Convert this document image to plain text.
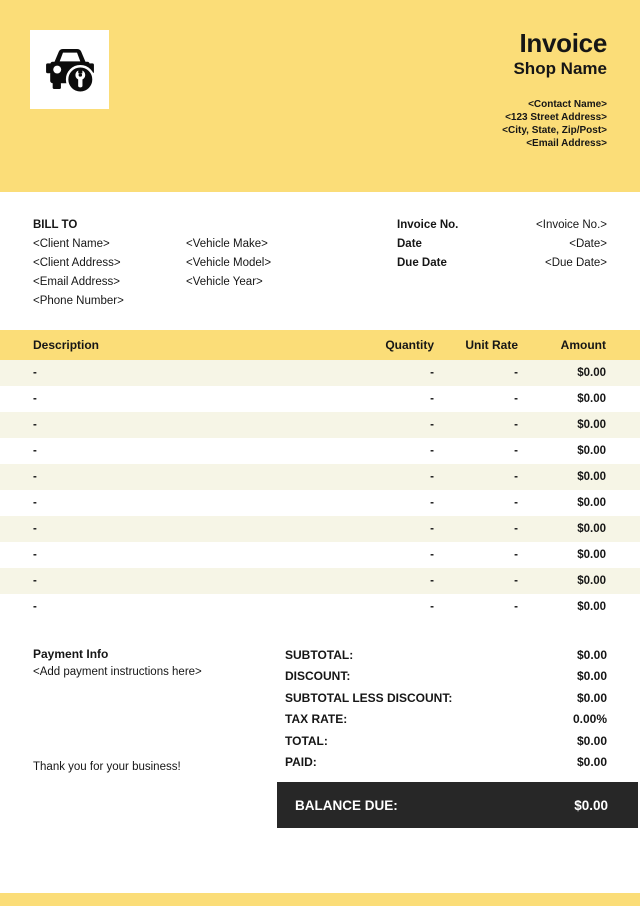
Invoice
Shop Name
<Contact Name>
<123 Street Address>
<City, State, Zip/Post>
<Email Address>
BILL TO
<Client Name>
<Client Address>
<Email Address>
<Phone Number>
<Vehicle Make>
<Vehicle Model>
<Vehicle Year>
Invoice No.	<Invoice No.>
Date	<Date>
Due Date	<Due Date>
Description	Quantity	Unit Rate	Amount
-	-	-	$0.00
-	-	-	$0.00
-	-	-	$0.00
-	-	-	$0.00
-	-	-	$0.00
-	-	-	$0.00
-	-	-	$0.00
-	-	-	$0.00
-	-	-	$0.00
-	-	-	$0.00
Payment Info
<Add payment instructions here>
Thank you for your business!
SUBTOTAL:	$0.00
DISCOUNT:	$0.00
SUBTOTAL LESS DISCOUNT:	$0.00
TAX RATE:	0.00%
TOTAL:	$0.00
PAID:	$0.00
BALANCE DUE:	$0.00
